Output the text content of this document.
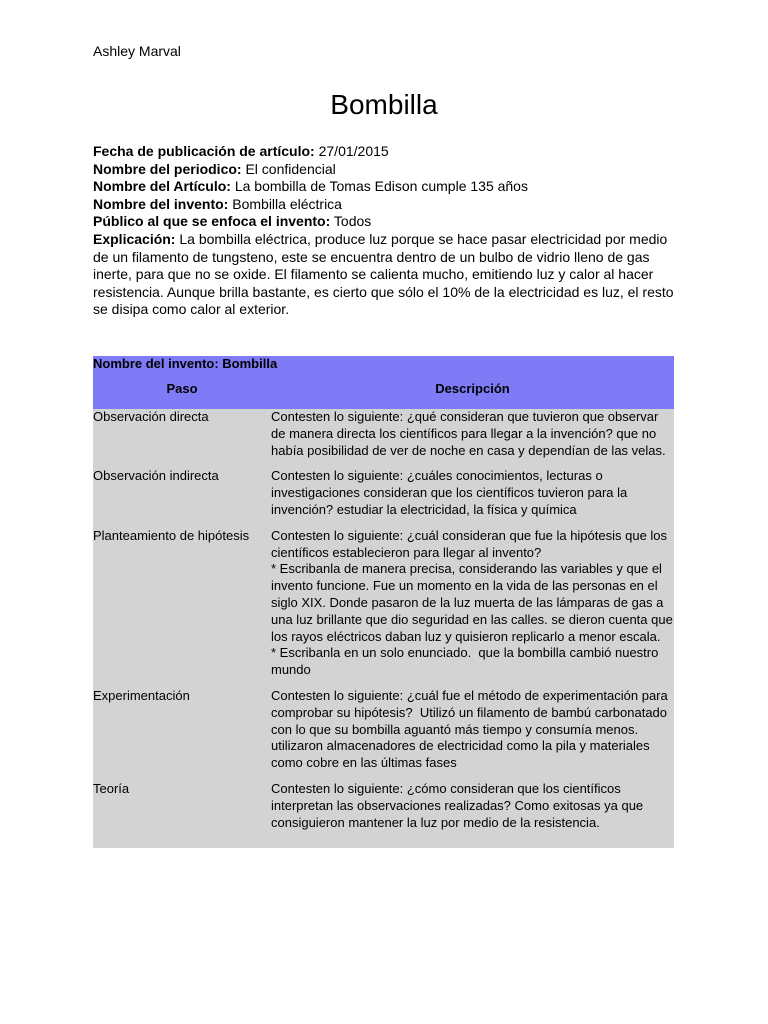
Ashley Marval
Bombilla

Fecha de publicación de artículo: 27/01/2015

Nombre del periodico: El confidencial

Nombre del Artículo: La bombilla de Tomas Edison cumple 135 años

Nombre del invento: Bombilla eléctrica

Público al que se enfoca el invento: Todos

Explicación: La bombilla eléctrica, produce luz porque se hace pasar electricidad por medio de un filamento de tungsteno, este se encuentra dentro de un bulbo de vidrio lleno de gas inerte, para que no se oxide. El filamento se calienta mucho, emitiendo luz y calor al hacer resistencia. Aunque brilla bastante, es cierto que sólo el 10% de la electricidad es luz, el resto se disipa como calor al exterior.

Nombre del invento: Bombilla	
Paso	Descripción
Observación directa	Contesten lo siguiente: ¿qué consideran que tuvieron que observar de manera directa los científicos para llegar a la invención? que no había posibilidad de ver de noche en casa y dependían de las velas.
Observación indirecta	Contesten lo siguiente: ¿cuáles conocimientos, lecturas o investigaciones consideran que los científicos tuvieron para la invención? estudiar la electricidad, la física y química
Planteamiento de hipótesis	Contesten lo siguiente: ¿cuál consideran que fue la hipótesis que los científicos establecieron para llegar al invento?
* Escribanla de manera precisa, considerando las variables y que el invento funcione. Fue un momento en la vida de las personas en el siglo XIX. Donde pasaron de la luz muerta de las lámparas de gas a una luz brillante que dio seguridad en las calles. se dieron cuenta que los rayos eléctricos daban luz y quisieron replicarlo a menor escala.
* Escribanla en un solo enunciado.  que la bombilla cambió nuestro mundo
Experimentación	Contesten lo siguiente: ¿cuál fue el método de experimentación para comprobar su hipótesis?  Utilizó un filamento de bambú carbonatado con lo que su bombilla aguantó más tiempo y consumía menos. utilizaron almacenadores de electricidad como la pila y materiales como cobre en las últimas fases
Teoría	Contesten lo siguiente: ¿cómo consideran que los científicos interpretan las observaciones realizadas? Como exitosas ya que consiguieron mantener la luz por medio de la resistencia.
